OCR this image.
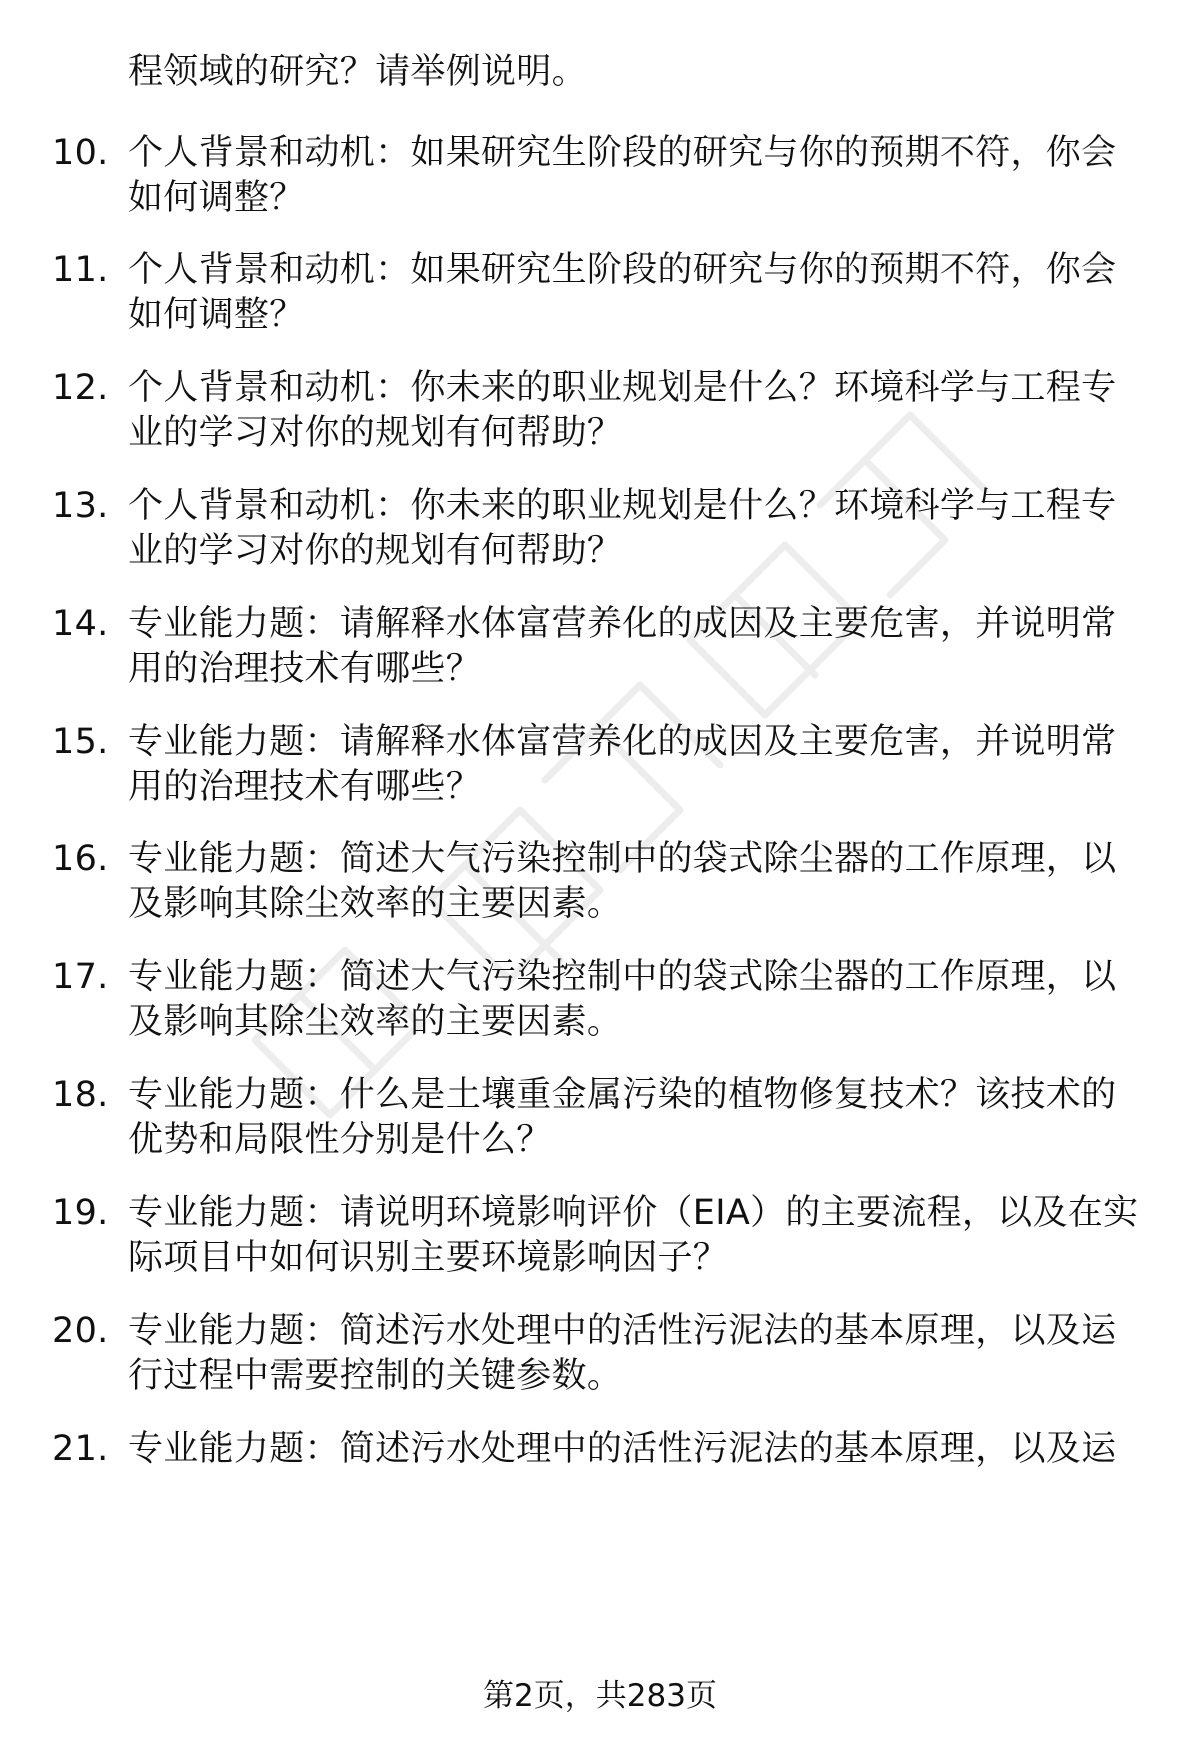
程领域的研究？请举例说明。
10. 个人背景和动机：如果研究生阶段的研究与你的预期不符，你会
如何调整？
11. 个人背景和动机：如果研究生阶段的研究与你的预期不符，你会
如何调整？
12. 个人背景和动机：你未来的职业规划是什么？环境科学与工程专
业的学习对你的规划有何帮助？
13. 个人背景和动机：你未来的职业规划是什么？环境科学与工程专
业的学习对你的规划有何帮助？
14. 专业能力题：请解释水体富营养化的成因及主要危害，并说明常
用的治理技术有哪些？
15. 专业能力题：请解释水体富营养化的成因及主要危害，并说明常
用的治理技术有哪些？
16. 专业能力题：简述大气污染控制中的袋式除尘器的工作原理，以
及影响其除尘效率的主要因素。
17. 专业能力题：简述大气污染控制中的袋式除尘器的工作原理，以
及影响其除尘效率的主要因素。
18. 专业能力题：什么是土壤重金属污染的植物修复技术？该技术的
优势和局限性分别是什么？
19. 专业能力题：请说明环境影响评价（EIA）的主要流程，以及在实
际项目中如何识别主要环境影响因子？
20. 专业能力题：简述污水处理中的活性污泥法的基本原理，以及运
行过程中需要控制的关键参数。
21. 专业能力题：简述污水处理中的活性污泥法的基本原理，以及运
第2页，共283页
